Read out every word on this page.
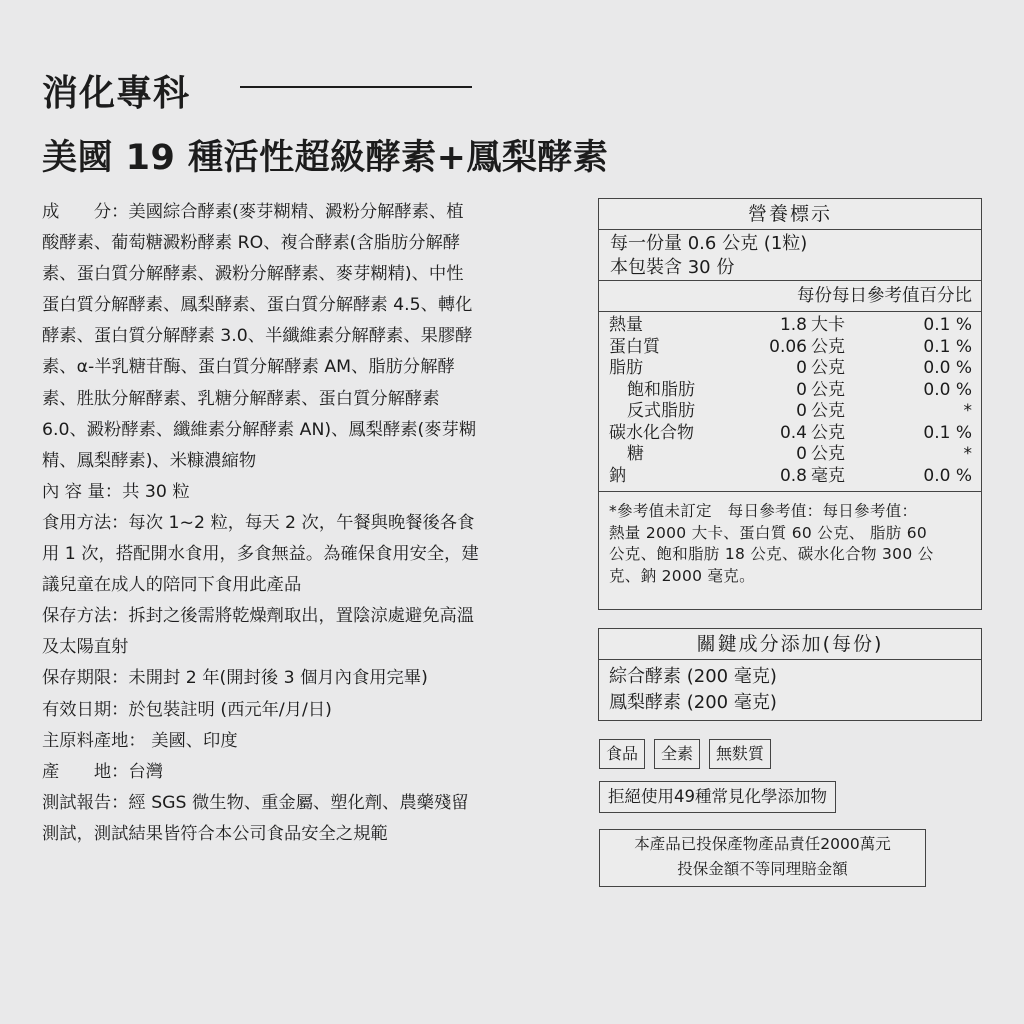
消化專科
美國 19 種活性超級酵素+鳳梨酵素
成　　分：美國綜合酵素(麥芽糊精、澱粉分解酵素、植
酸酵素、葡萄糖澱粉酵素 RO、複合酵素(含脂肪分解酵
素、蛋白質分解酵素、澱粉分解酵素、麥芽糊精)、中性
蛋白質分解酵素、鳳梨酵素、蛋白質分解酵素 4.5、轉化
酵素、蛋白質分解酵素 3.0、半纖維素分解酵素、果膠酵
素、α-半乳糖苷酶、蛋白質分解酵素 AM、脂肪分解酵
素、胜肽分解酵素、乳糖分解酵素、蛋白質分解酵素
6.0、澱粉酵素、纖維素分解酵素 AN)、鳳梨酵素(麥芽糊
精、鳳梨酵素)、米糠濃縮物
內 容 量：共 30 粒
食用方法：每次 1~2 粒，每天 2 次，午餐與晚餐後各食
用 1 次，搭配開水食用，多食無益。為確保食用安全，建
議兒童在成人的陪同下食用此產品
保存方法：拆封之後需將乾燥劑取出，置陰涼處避免高溫
及太陽直射
保存期限：未開封 2 年(開封後 3 個月內食用完畢)
有效日期：於包裝註明 (西元年/月/日)
主原料產地： 美國、印度
產　　地：台灣
測試報告：經 SGS 微生物、重金屬、塑化劑、農藥殘留
測試，測試結果皆符合本公司食品安全之規範
營養標示
每一份量 0.6 公克 (1粒)
本包裝含 30 份
每份每日參考值百分比
熱量	1.8 大卡	0.1 %
蛋白質	0.06 公克	0.1 %
脂肪	0 公克	0.0 %
飽和脂肪	0 公克	0.0 %
反式脂肪	0 公克	*
碳水化合物	0.4 公克	0.1 %
糖	0 公克	*
鈉	0.8 毫克	0.0 %
*參考值未訂定　每日參考值：每日參考值：
熱量 2000 大卡、蛋白質 60 公克、 脂肪 60
公克、飽和脂肪 18 公克、碳水化合物 300 公
克、鈉 2000 毫克。
關鍵成分添加(每份)
綜合酵素 (200 毫克)
鳳梨酵素 (200 毫克)
食品	全素	無麩質
拒絕使用49種常見化學添加物
本產品已投保產物產品責任2000萬元
投保金額不等同理賠金額
